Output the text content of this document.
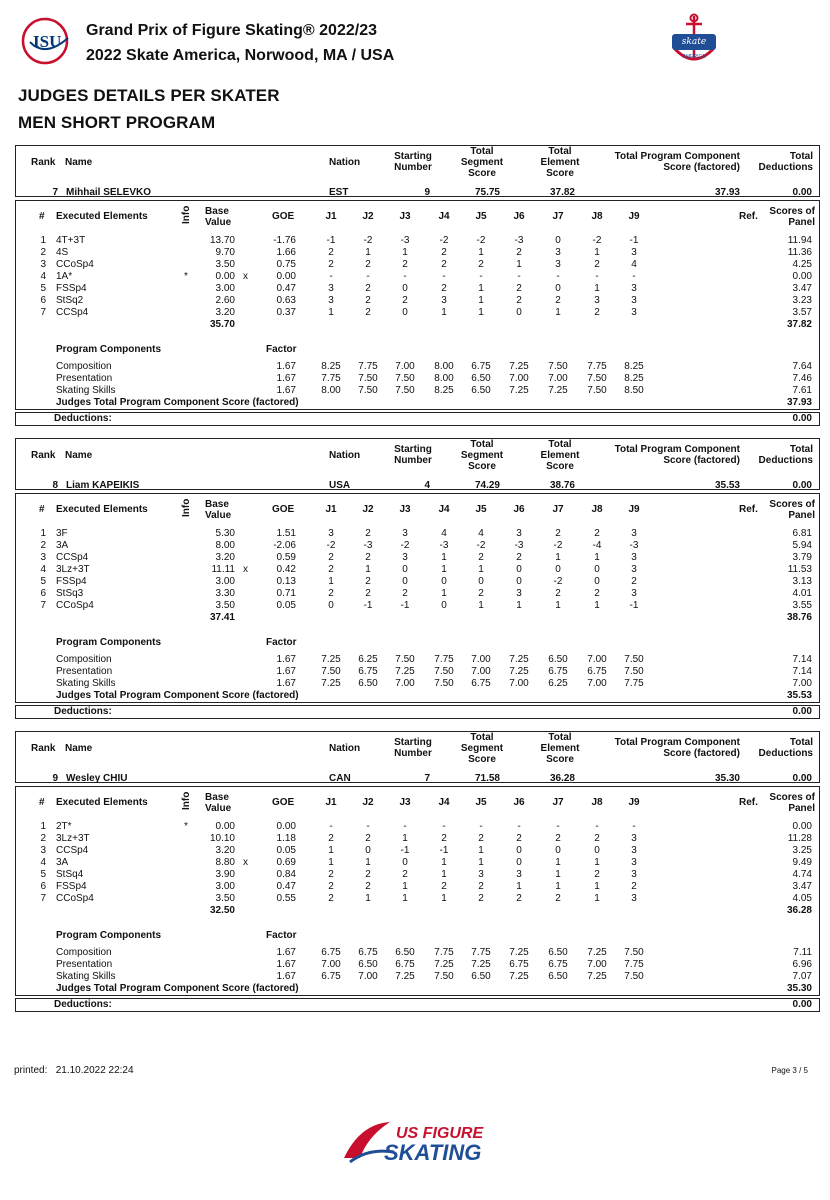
ISU
Grand Prix of Figure Skating® 2022/23
2022 Skate America, Norwood, MA / USA
skate
AMERICA
JUDGES DETAILS PER SKATER
MEN SHORT PROGRAM
Rank Name	Nation
Starting
Number
Total
Segment
Score
Total
Element
Score
Total Program Component
Score (factored)
Total
Deductions
7 Mihhail SELEVKO	EST	9	75.75	37.82	37.93	0.00
# Executed Elements	Info Base
Value
GOE	J1	J2	J3	J4	J5	J6	J7	J8	J9	Ref.	Scores of
Panel
1 4T+3T	13.70	-1.76	-1	-2	-3	-2	-2	-3	0	-2	-1	11.94
2 4S	9.70	1.66	2	1	1	2	1	2	3	1	3	11.36
3 CCoSp4	3.50	0.75	2	2	2	2	2	1	3	2	4	4.25
4 1A*	*	0.00 x	0.00	-	-	-	-	-	-	-	-	-	0.00
5 FSSp4	3.00	0.47	3	2	0	2	1	2	0	1	3	3.47
6 StSq2	2.60	0.63	3	2	2	3	1	2	2	3	3	3.23
7 CCSp4	3.20	0.37	1	2	0	1	1	0	1	2	3	3.57
35.70	37.82
Program Components	Factor
Composition	1.67	8.25	7.75	7.00	8.00	6.75	7.25	7.50	7.75	8.25	7.64
Presentation	1.67	7.75	7.50	7.50	8.00	6.50	7.00	7.00	7.50	8.25	7.46
Skating Skills	1.67	8.00	7.50	7.50	8.25	6.50	7.25	7.25	7.50	8.50	7.61
Judges Total Program Component Score (factored)	37.93
Deductions:	0.00
Rank Name	Nation
Starting
Number
Total
Segment
Score
Total
Element
Score
Total Program Component
Score (factored)
Total
Deductions
8 Liam KAPEIKIS	USA	4	74.29	38.76	35.53	0.00
# Executed Elements	Info Base
Value
GOE	J1	J2	J3	J4	J5	J6	J7	J8	J9	Ref.	Scores of
Panel
1 3F	5.30	1.51	3	2	3	4	4	3	2	2	3	6.81
2 3A	8.00	-2.06	-2	-3	-2	-3	-2	-3	-2	-4	-3	5.94
3 CCSp4	3.20	0.59	2	2	3	1	2	2	1	1	3	3.79
4 3Lz+3T	11.11 x	0.42	2	1	0	1	1	0	0	0	3	11.53
5 FSSp4	3.00	0.13	1	2	0	0	0	0	-2	0	2	3.13
6 StSq3	3.30	0.71	2	2	2	1	2	3	2	2	3	4.01
7 CCoSp4	3.50	0.05	0	-1	-1	0	1	1	1	1	-1	3.55
37.41	38.76
Program Components	Factor
Composition	1.67	7.25	6.25	7.50	7.75	7.00	7.25	6.50	7.00	7.50	7.14
Presentation	1.67	7.50	6.75	7.25	7.50	7.00	7.25	6.75	6.75	7.50	7.14
Skating Skills	1.67	7.25	6.50	7.00	7.50	6.75	7.00	6.25	7.00	7.75	7.00
Judges Total Program Component Score (factored)	35.53
Deductions:	0.00
Rank Name	Nation
Starting
Number
Total
Segment
Score
Total
Element
Score
Total Program Component
Score (factored)
Total
Deductions
9 Wesley CHIU	CAN	7	71.58	36.28	35.30	0.00
# Executed Elements	Info Base
Value
GOE	J1	J2	J3	J4	J5	J6	J7	J8	J9	Ref.	Scores of
Panel
1 2T*	*	0.00	0.00	-	-	-	-	-	-	-	-	-	0.00
2 3Lz+3T	10.10	1.18	2	2	1	2	2	2	2	2	3	11.28
3 CCSp4	3.20	0.05	1	0	-1	-1	1	0	0	0	3	3.25
4 3A	8.80 x	0.69	1	1	0	1	1	0	1	1	3	9.49
5 StSq4	3.90	0.84	2	2	2	1	3	3	1	2	3	4.74
6 FSSp4	3.00	0.47	2	2	1	2	2	1	1	1	2	3.47
7 CCoSp4	3.50	0.55	2	1	1	1	2	2	2	1	3	4.05
32.50	36.28
Program Components	Factor
Composition	1.67	6.75	6.75	6.50	7.75	7.75	7.25	6.50	7.25	7.50	7.11
Presentation	1.67	7.00	6.50	6.75	7.25	7.25	6.75	6.75	7.00	7.75	6.96
Skating Skills	1.67	6.75	7.00	7.25	7.50	6.50	7.25	6.50	7.25	7.50	7.07
Judges Total Program Component Score (factored)	35.30
Deductions:	0.00
printed: 21.10.2022 22:24	Page 3 / 5
US FIGURE
SKATING
